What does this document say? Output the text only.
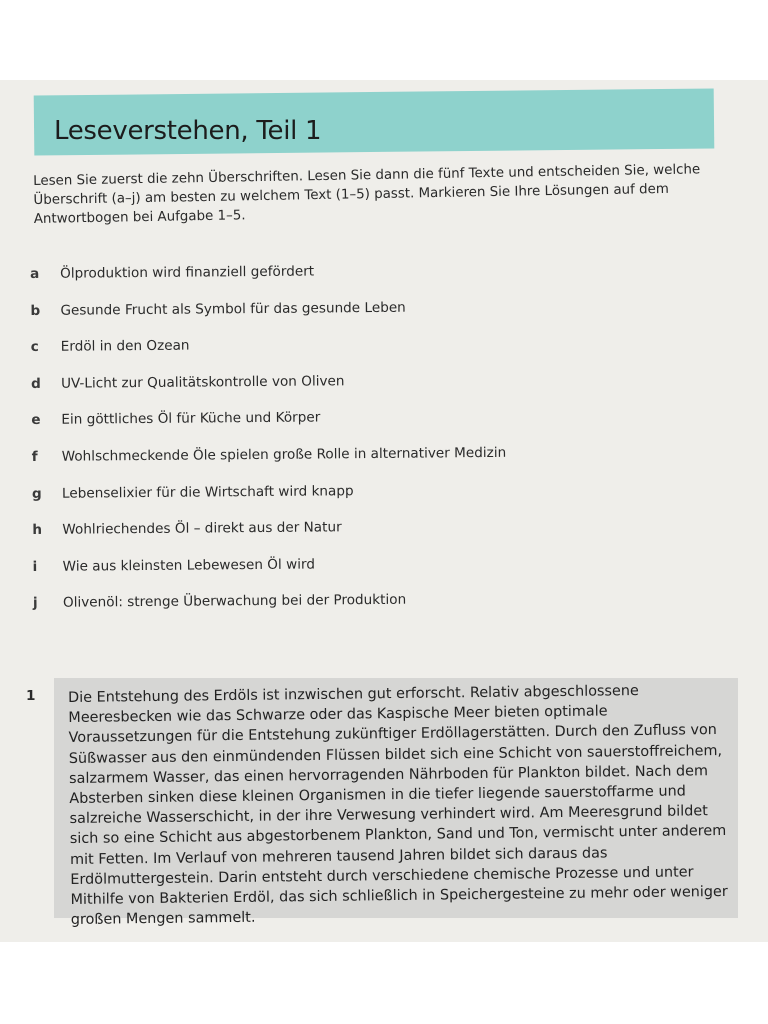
Leseverstehen, Teil 1

Lesen Sie zuerst die zehn Überschriften. Lesen Sie dann die fünf Texte und entscheiden Sie, welche Überschrift (a–j) am besten zu welchem Text (1–5) passt. Markieren Sie Ihre Lösungen auf dem Antwortbogen bei Aufgabe 1–5.

a	Ölproduktion wird finanziell gefördert
b	Gesunde Frucht als Symbol für das gesunde Leben
c	Erdöl in den Ozean
d	UV-Licht zur Qualitätskontrolle von Oliven
e	Ein göttliches Öl für Küche und Körper
f	Wohlschmeckende Öle spielen große Rolle in alternativer Medizin
g	Lebenselixier für die Wirtschaft wird knapp
h	Wohlriechendes Öl – direkt aus der Natur
i	Wie aus kleinsten Lebewesen Öl wird
j	Olivenöl: strenge Überwachung bei der Produktion
1 Die Entstehung des Erdöls ist inzwischen gut erforscht. Relativ abgeschlossene Meeresbecken wie das Schwarze oder das Kaspische Meer bieten optimale Voraussetzungen für die Entstehung zukünftiger Erdöllagerstätten. Durch den Zufluss von Süßwasser aus den einmündenden Flüssen bildet sich eine Schicht von sauerstoffreichem, salzarmem Wasser, das einen hervorragenden Nährboden für Plankton bildet. Nach dem Absterben sinken diese kleinen Organismen in die tiefer liegende sauerstoffarme und salzreiche Wasserschicht, in der ihre Verwesung verhindert wird. Am Meeresgrund bildet sich so eine Schicht aus abgestorbenem Plankton, Sand und Ton, vermischt unter anderem mit Fetten. Im Verlauf von mehreren tausend Jahren bildet sich daraus das Erdölmuttergestein. Darin entsteht durch verschiedene chemische Prozesse und unter Mithilfe von Bakterien Erdöl, das sich schließlich in Speichergesteine zu mehr oder weniger großen Mengen sammelt.
